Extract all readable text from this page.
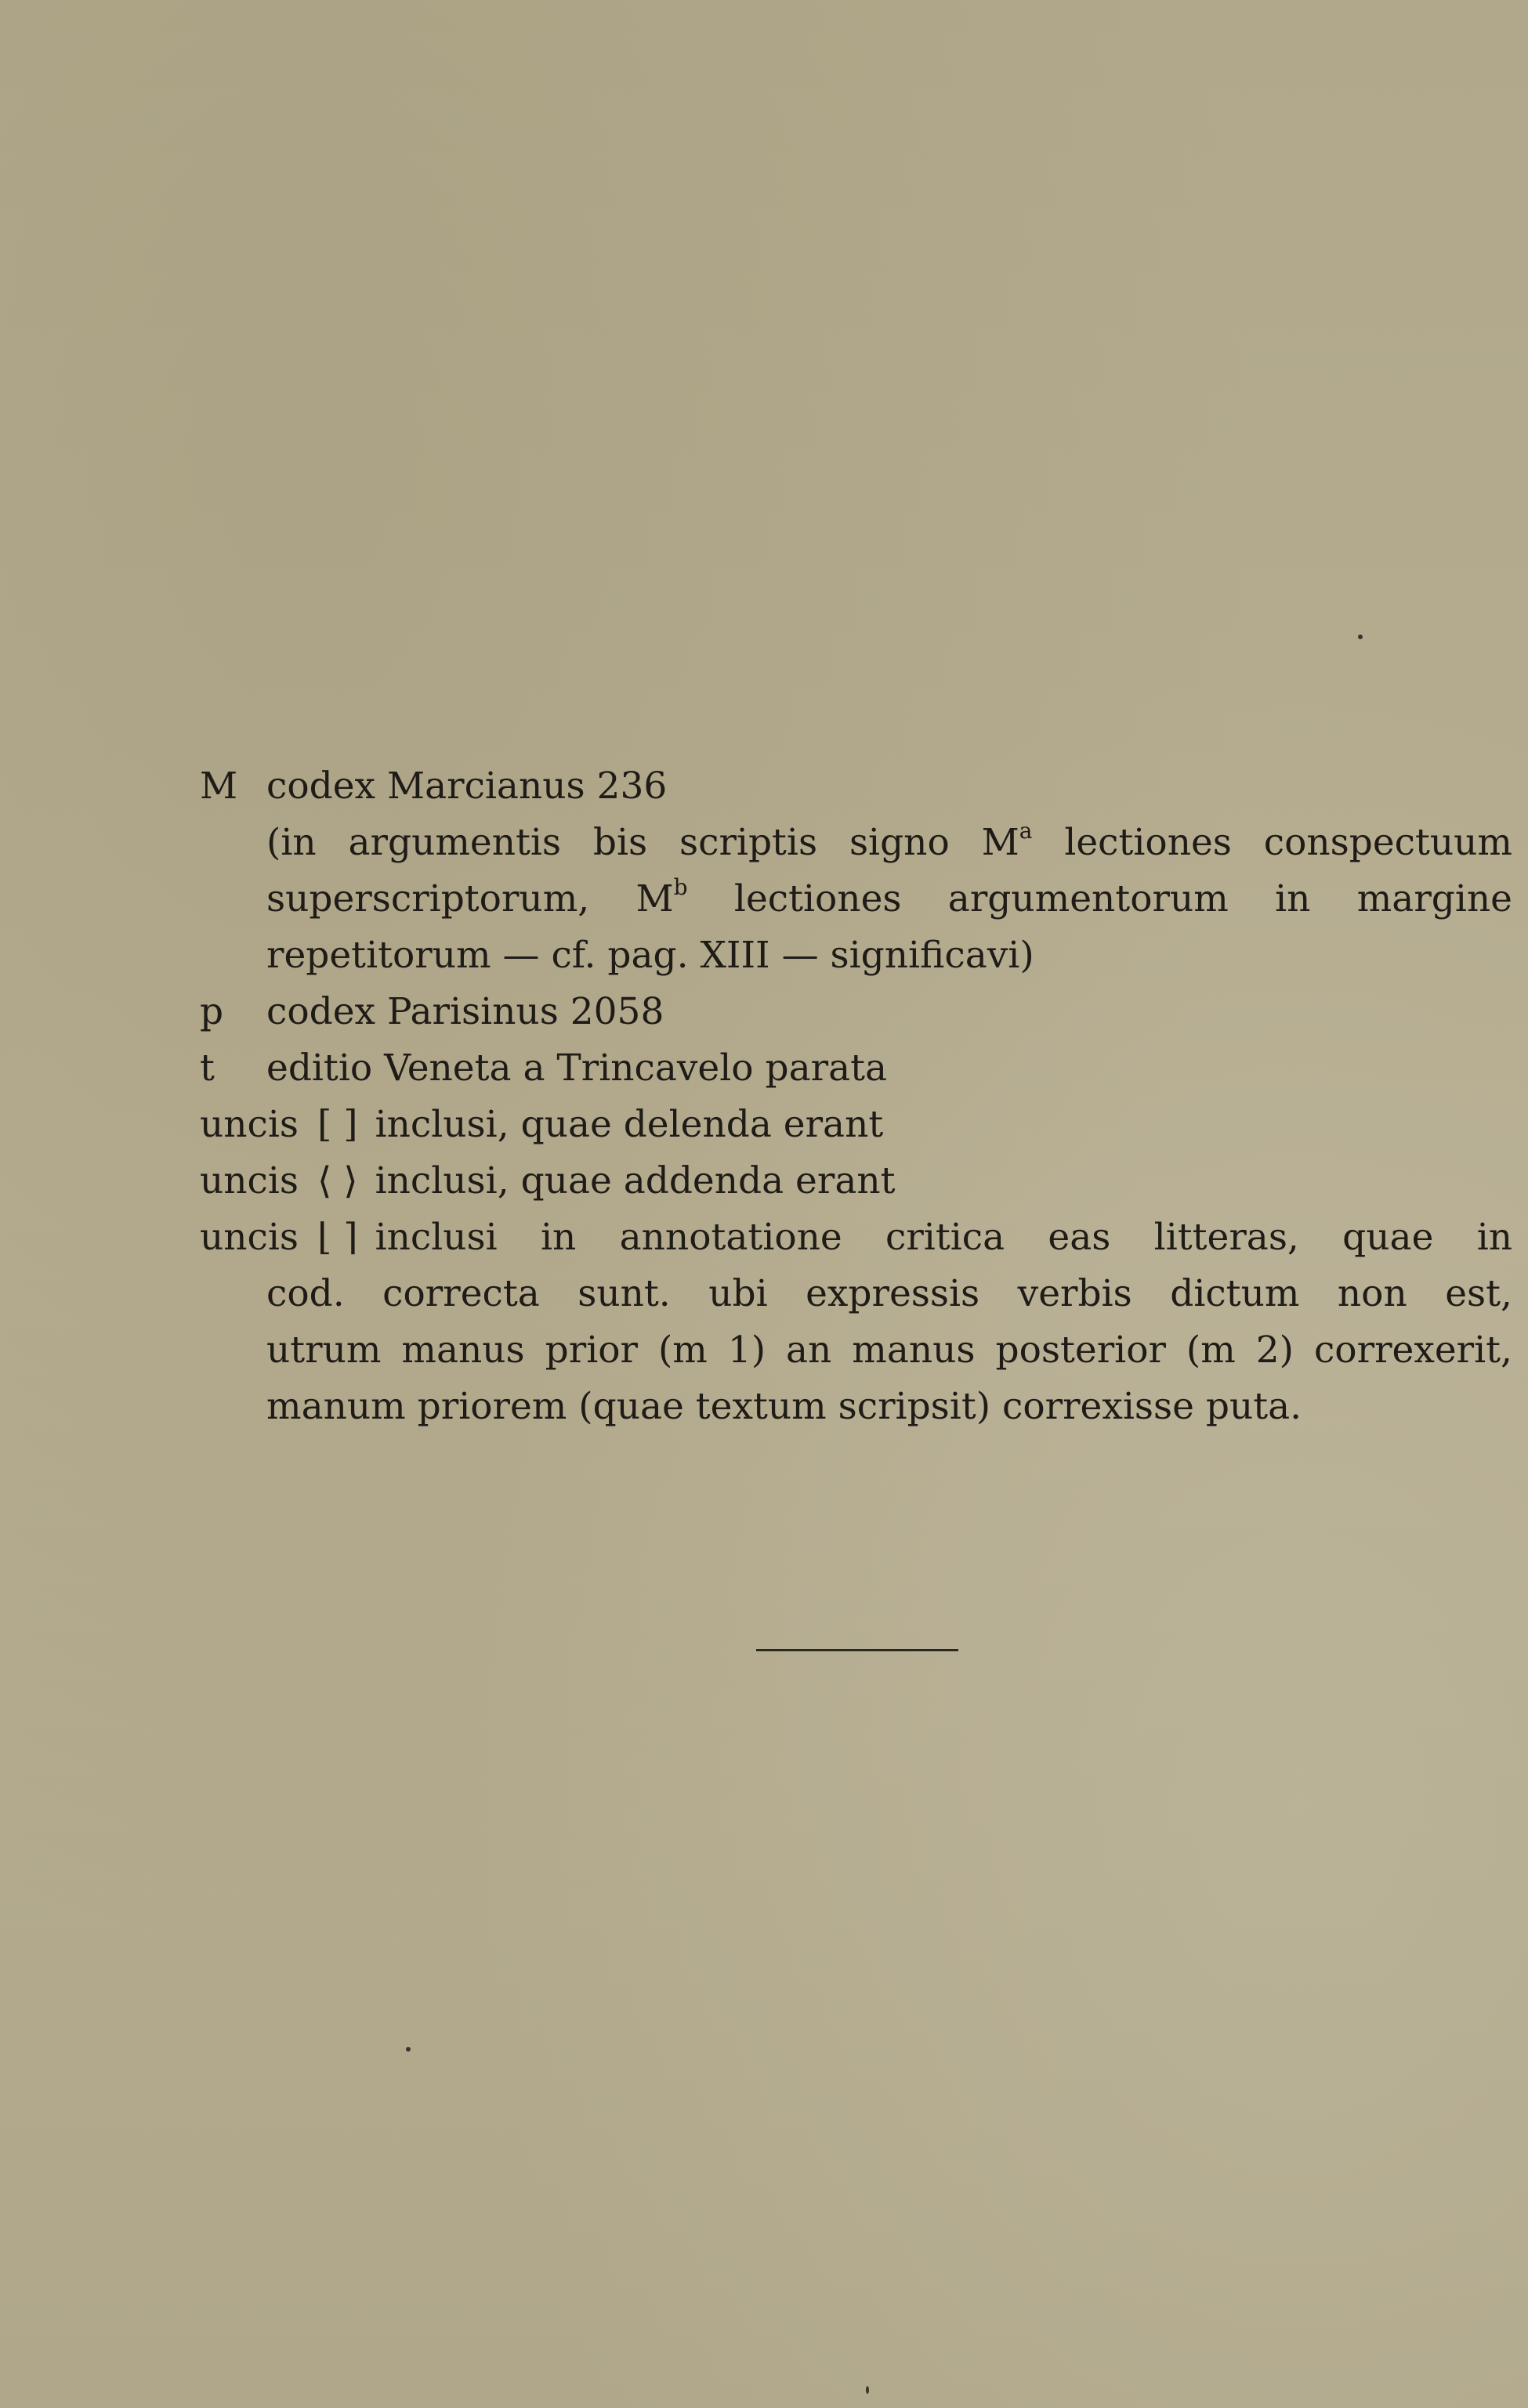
M codex Marcianus 236
(in argumentis bis scriptis signo $M^a$ lectiones conspectuum
superscriptorum, $M^b$ lectiones argumentorum in margine
repetitorum — cf. pag. XIII — significavi)
p codex Parisinus 2058
t editio Veneta a Trincavelo parata
uncis [ ] inclusi, quae delenda erant
uncis ⟨ ⟩ inclusi, quae addenda erant
uncis ⌊ ⌉ inclusi in annotatione critica eas litteras, quae in
cod. correcta sunt. ubi expressis verbis dictum non est,
utrum manus prior (m 1) an manus posterior (m 2) correxerit,
manum priorem (quae textum scripsit) correxisse puta.
